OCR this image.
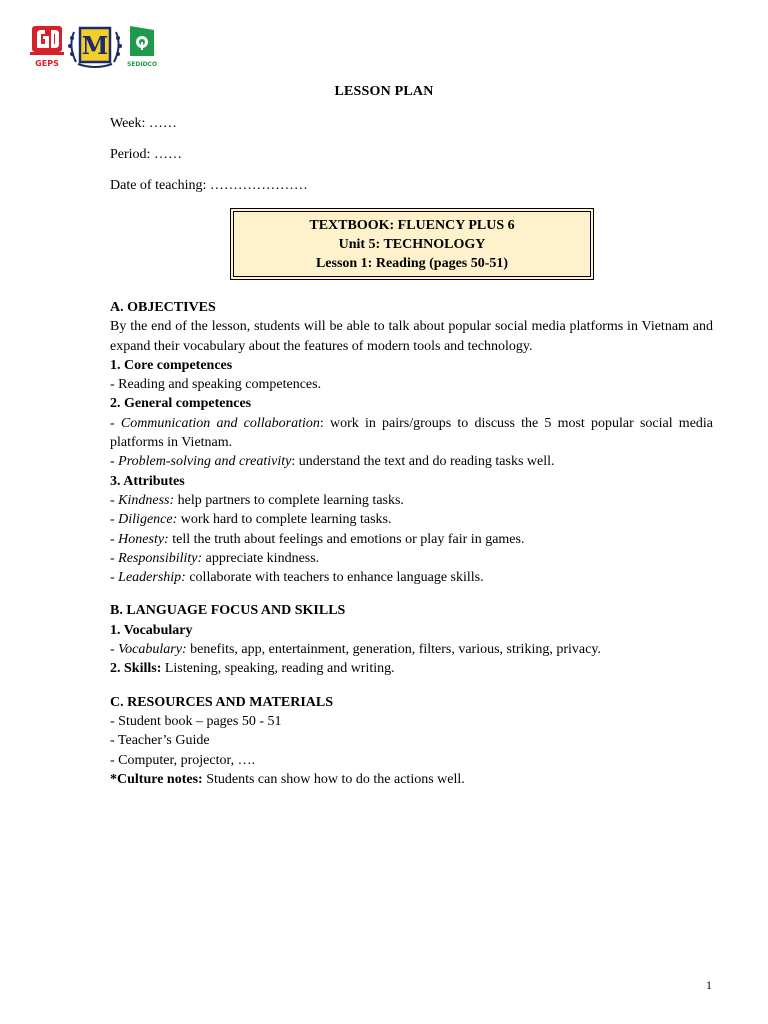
GEPS
M
SEDIDCO
LESSON PLAN
Week: ……
Period: ……
Date of teaching: …………………
TEXTBOOK: FLUENCY PLUS 6
Unit 5: TECHNOLOGY
Lesson 1: Reading (pages 50-51)

A. OBJECTIVES

By the end of the lesson, students will be able to talk about popular social media platforms in Vietnam and expand their vocabulary about the features of modern tools and technology.

1. Core competences

- Reading and speaking competences.

2. General competences

- Communication and collaboration: work in pairs/groups to discuss the 5 most popular social media platforms in Vietnam.

- Problem-solving and creativity: understand the text and do reading tasks well.

3. Attributes

- Kindness: help partners to complete learning tasks.

- Diligence: work hard to complete learning tasks.

- Honesty: tell the truth about feelings and emotions or play fair in games.

- Responsibility: appreciate kindness.

- Leadership: collaborate with teachers to enhance language skills.

B. LANGUAGE FOCUS AND SKILLS

1. Vocabulary

- Vocabulary: benefits, app, entertainment, generation, filters, various, striking, privacy.

2. Skills: Listening, speaking, reading and writing.

C. RESOURCES AND MATERIALS

- Student book – pages 50 - 51

- Teacher’s Guide

- Computer, projector, ….

*Culture notes: Students can show how to do the actions well.

1
